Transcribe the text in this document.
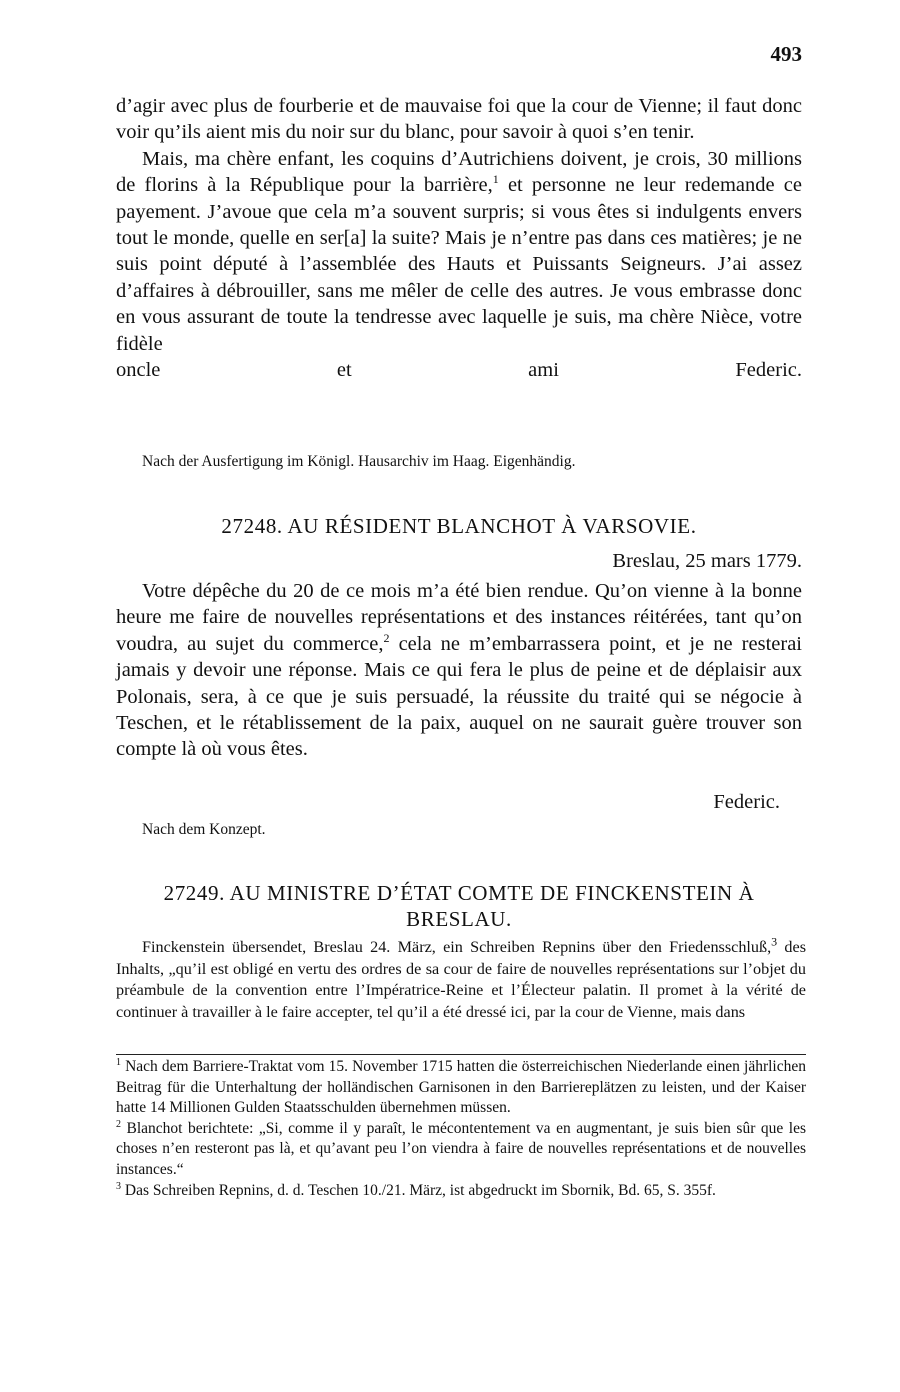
493

d’agir avec plus de fourberie et de mauvaise foi que la cour de Vienne; il faut donc voir qu’ils aient mis du noir sur du blanc, pour savoir à quoi s’en tenir.

Mais, ma chère enfant, les coquins d’Autrichiens doivent, je crois, 30 millions de florins à la République pour la barrière,$^1$ et personne ne leur redemande ce payement. J’avoue que cela m’a souvent surpris; si vous êtes si indulgents envers tout le monde, quelle en ser[a] la suite? Mais je n’entre pas dans ces matières; je ne suis point député à l’assemblée des Hauts et Puissants Seigneurs. J’ai assez d’affaires à débrouiller, sans me mêler de celle des autres. Je vous embrasse donc en vous assurant de toute la tendresse avec laquelle je suis, ma chère Nièce, votre fidèle

oncle et ami	Federic.

Nach der Ausfertigung im Königl. Hausarchiv im Haag. Eigenhändig.
27248. AU RÉSIDENT BLANCHOT À VARSOVIE.
Breslau, 25 mars 1779.

Votre dépêche du 20 de ce mois m’a été bien rendue. Qu’on vienne à la bonne heure me faire de nouvelles représentations et des instances réitérées, tant qu’on voudra, au sujet du commerce,$^2$ cela ne m’embarrassera point, et je ne resterai jamais y devoir une réponse. Mais ce qui fera le plus de peine et de déplaisir aux Polonais, sera, à ce que je suis persuadé, la réussite du traité qui se négocie à Teschen, et le rétablissement de la paix, auquel on ne saurait guère trouver son compte là où vous êtes.

Federic.
Nach dem Konzept.
27249. AU MINISTRE D’ÉTAT COMTE DE FINCKENSTEIN À
BRESLAU.

Finckenstein übersendet, Breslau 24. März, ein Schreiben Repnins über den Friedensschluß,$^3$ des Inhalts, „qu’il est obligé en vertu des ordres de sa cour de faire de nouvelles représentations sur l’objet du préambule de la convention entre l’Impératrice-Reine et l’Électeur palatin. Il promet à la vérité de continuer à travailler à le faire accepter, tel qu’il a été dressé ici, par la cour de Vienne, mais dans

$^1$ Nach dem Barriere-Traktat vom 15. November 1715 hatten die österreichischen Niederlande einen jährlichen Beitrag für die Unterhaltung der holländischen Garnisonen in den Barriereplätzen zu leisten, und der Kaiser hatte 14 Millionen Gulden Staatsschulden übernehmen müssen.

$^2$ Blanchot berichtete: „Si, comme il y paraît, le mécontentement va en augmentant, je suis bien sûr que les choses n’en resteront pas là, et qu’avant peu l’on viendra à faire de nouvelles représentations et de nouvelles instances.“

$^3$ Das Schreiben Repnins, d. d. Teschen 10./21. März, ist abgedruckt im Sbornik, Bd. 65, S. 355f.
